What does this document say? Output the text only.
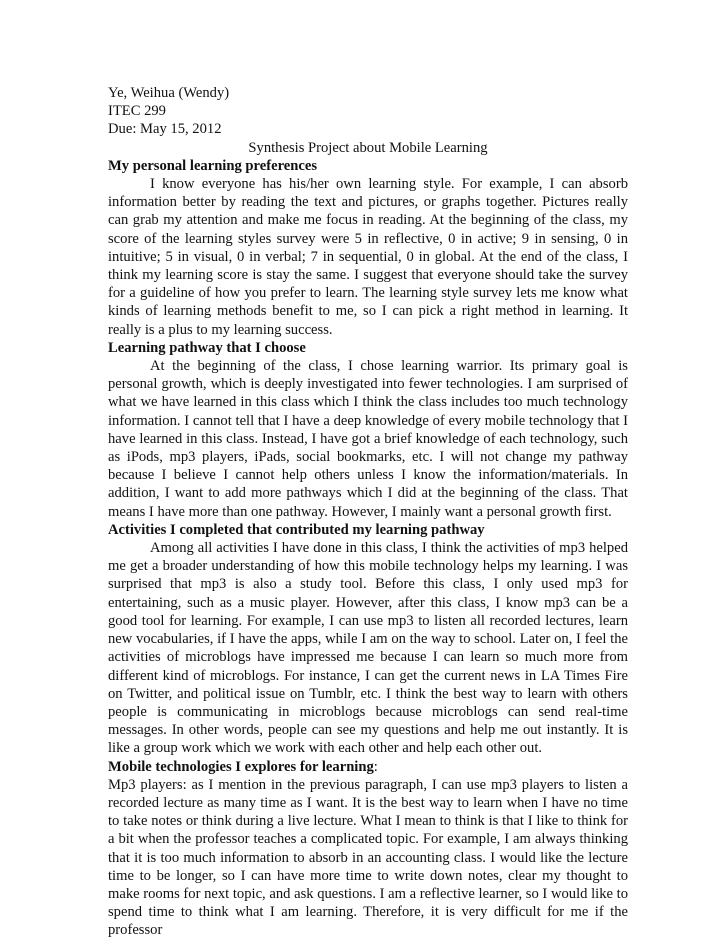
Ye, Weihua (Wendy)
ITEC 299
Due: May 15, 2012
Synthesis Project about Mobile Learning
My personal learning preferences

I know everyone has his/her own learning style. For example, I can absorb information better by reading the text and pictures, or graphs together. Pictures really can grab my attention and make me focus in reading. At the beginning of the class, my score of the learning styles survey were 5 in reflective, 0 in active; 9 in sensing, 0 in intuitive; 5 in visual, 0 in verbal; 7 in sequential, 0 in global. At the end of the class, I think my learning score is stay the same. I suggest that everyone should take the survey for a guideline of how you prefer to learn. The learning style survey lets me know what kinds of learning methods benefit to me, so I can pick a right method in learning. It really is a plus to my learning success.

Learning pathway that I choose

At the beginning of the class, I chose learning warrior. Its primary goal is personal growth, which is deeply investigated into fewer technologies. I am surprised of what we have learned in this class which I think the class includes too much technology information. I cannot tell that I have a deep knowledge of every mobile technology that I have learned in this class. Instead, I have got a brief knowledge of each technology, such as iPods, mp3 players, iPads, social bookmarks, etc. I will not change my pathway because I believe I cannot help others unless I know the information/materials. In addition, I want to add more pathways which I did at the beginning of the class. That means I have more than one pathway. However, I mainly want a personal growth first.

Activities I completed that contributed my learning pathway

Among all activities I have done in this class, I think the activities of mp3 helped me get a broader understanding of how this mobile technology helps my learning. I was surprised that mp3 is also a study tool. Before this class, I only used mp3 for entertaining, such as a music player. However, after this class, I know mp3 can be a good tool for learning. For example, I can use mp3 to listen all recorded lectures, learn new vocabularies, if I have the apps, while I am on the way to school. Later on, I feel the activities of microblogs have impressed me because I can learn so much more from different kind of microblogs. For instance, I can get the current news in LA Times Fire on Twitter, and political issue on Tumblr, etc. I think the best way to learn with others people is communicating in microblogs because microblogs can send real-time messages. In other words, people can see my questions and help me out instantly. It is like a group work which we work with each other and help each other out.

Mobile technologies I explores for learning:

Mp3 players: as I mention in the previous paragraph, I can use mp3 players to listen a recorded lecture as many time as I want. It is the best way to learn when I have no time to take notes or think during a live lecture. What I mean to think is that I like to think for a bit when the professor teaches a complicated topic. For example, I am always thinking that it is too much information to absorb in an accounting class. I would like the lecture time to be longer, so I can have more time to write down notes, clear my thought to make rooms for next topic, and ask questions. I am a reflective learner, so I would like to spend time to think what I am learning. Therefore, it is very difficult for me if the professor
